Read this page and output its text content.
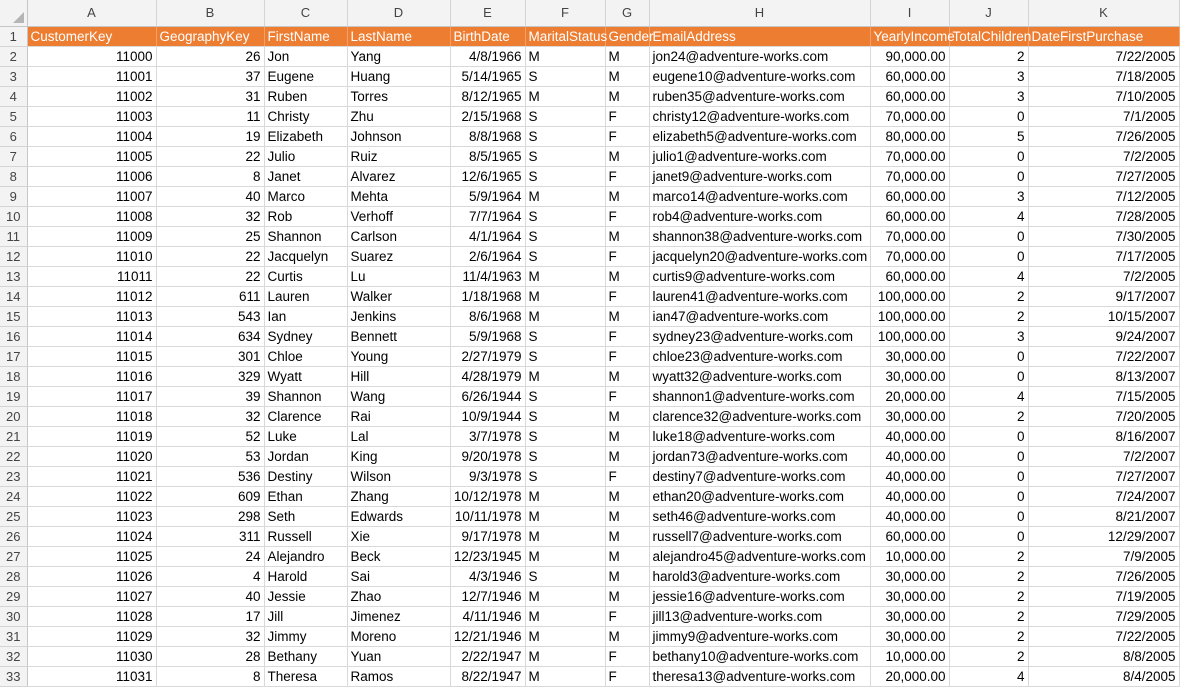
	A	B	C	D	E	F	G	H	I	J	K
1	CustomerKey	GeographyKey	FirstName	LastName	BirthDate	MaritalStatus	Gender	EmailAddress	YearlyIncome	TotalChildren	DateFirstPurchase
2	11000	26	Jon	Yang	4/8/1966	M	M	jon24@adventure-works.com	90,000.00	2	7/22/2005
3	11001	37	Eugene	Huang	5/14/1965	S	M	eugene10@adventure-works.com	60,000.00	3	7/18/2005
4	11002	31	Ruben	Torres	8/12/1965	M	M	ruben35@adventure-works.com	60,000.00	3	7/10/2005
5	11003	11	Christy	Zhu	2/15/1968	S	F	christy12@adventure-works.com	70,000.00	0	7/1/2005
6	11004	19	Elizabeth	Johnson	8/8/1968	S	F	elizabeth5@adventure-works.com	80,000.00	5	7/26/2005
7	11005	22	Julio	Ruiz	8/5/1965	S	M	julio1@adventure-works.com	70,000.00	0	7/2/2005
8	11006	8	Janet	Alvarez	12/6/1965	S	F	janet9@adventure-works.com	70,000.00	0	7/27/2005
9	11007	40	Marco	Mehta	5/9/1964	M	M	marco14@adventure-works.com	60,000.00	3	7/12/2005
10	11008	32	Rob	Verhoff	7/7/1964	S	F	rob4@adventure-works.com	60,000.00	4	7/28/2005
11	11009	25	Shannon	Carlson	4/1/1964	S	M	shannon38@adventure-works.com	70,000.00	0	7/30/2005
12	11010	22	Jacquelyn	Suarez	2/6/1964	S	F	jacquelyn20@adventure-works.com	70,000.00	0	7/17/2005
13	11011	22	Curtis	Lu	11/4/1963	M	M	curtis9@adventure-works.com	60,000.00	4	7/2/2005
14	11012	611	Lauren	Walker	1/18/1968	M	F	lauren41@adventure-works.com	100,000.00	2	9/17/2007
15	11013	543	Ian	Jenkins	8/6/1968	M	M	ian47@adventure-works.com	100,000.00	2	10/15/2007
16	11014	634	Sydney	Bennett	5/9/1968	S	F	sydney23@adventure-works.com	100,000.00	3	9/24/2007
17	11015	301	Chloe	Young	2/27/1979	S	F	chloe23@adventure-works.com	30,000.00	0	7/22/2007
18	11016	329	Wyatt	Hill	4/28/1979	M	M	wyatt32@adventure-works.com	30,000.00	0	8/13/2007
19	11017	39	Shannon	Wang	6/26/1944	S	F	shannon1@adventure-works.com	20,000.00	4	7/15/2005
20	11018	32	Clarence	Rai	10/9/1944	S	M	clarence32@adventure-works.com	30,000.00	2	7/20/2005
21	11019	52	Luke	Lal	3/7/1978	S	M	luke18@adventure-works.com	40,000.00	0	8/16/2007
22	11020	53	Jordan	King	9/20/1978	S	M	jordan73@adventure-works.com	40,000.00	0	7/2/2007
23	11021	536	Destiny	Wilson	9/3/1978	S	F	destiny7@adventure-works.com	40,000.00	0	7/27/2007
24	11022	609	Ethan	Zhang	10/12/1978	M	M	ethan20@adventure-works.com	40,000.00	0	7/24/2007
25	11023	298	Seth	Edwards	10/11/1978	M	M	seth46@adventure-works.com	40,000.00	0	8/21/2007
26	11024	311	Russell	Xie	9/17/1978	M	M	russell7@adventure-works.com	60,000.00	0	12/29/2007
27	11025	24	Alejandro	Beck	12/23/1945	M	M	alejandro45@adventure-works.com	10,000.00	2	7/9/2005
28	11026	4	Harold	Sai	4/3/1946	S	M	harold3@adventure-works.com	30,000.00	2	7/26/2005
29	11027	40	Jessie	Zhao	12/7/1946	M	M	jessie16@adventure-works.com	30,000.00	2	7/19/2005
30	11028	17	Jill	Jimenez	4/11/1946	M	F	jill13@adventure-works.com	30,000.00	2	7/29/2005
31	11029	32	Jimmy	Moreno	12/21/1946	M	M	jimmy9@adventure-works.com	30,000.00	2	7/22/2005
32	11030	28	Bethany	Yuan	2/22/1947	M	F	bethany10@adventure-works.com	10,000.00	2	8/8/2005
33	11031	8	Theresa	Ramos	8/22/1947	M	F	theresa13@adventure-works.com	20,000.00	4	8/4/2005
